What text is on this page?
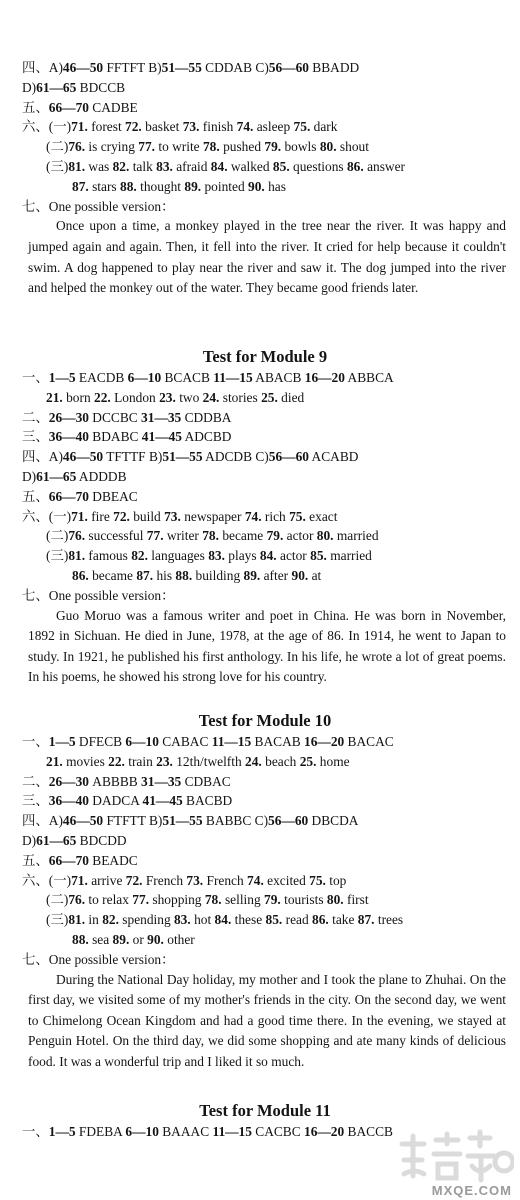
四、A)46—50 FFTFT B)51—55 CDDAB C)56—60 BBADD
D)61—65 BDCCB
五、66—70 CADBE
六、(一)71. forest 72. basket 73. finish 74. asleep 75. dark
(二)76. is crying 77. to write 78. pushed 79. bowls 80. shout
(三)81. was 82. talk 83. afraid 84. walked 85. questions 86. answer
87. stars 88. thought 89. pointed 90. has
七、One possible version：
Once upon a time, a monkey played in the tree near the river. It was happy and jumped again and again. Then, it fell into the river. It cried for help because it couldn't swim. A dog happened to play near the river and saw it. The dog jumped into the river and helped the monkey out of the water. They became good friends later.
Test for Module 9
一、1—5 EACDB 6—10 BCACB 11—15 ABACB 16—20 ABBCA
21. born 22. London 23. two 24. stories 25. died
二、26—30 DCCBC 31—35 CDDBA
三、36—40 BDABC 41—45 ADCBD
四、A)46—50 TFTTF B)51—55 ADCDB C)56—60 ACABD
D)61—65 ADDDB
五、66—70 DBEAC
六、(一)71. fire 72. build 73. newspaper 74. rich 75. exact
(二)76. successful 77. writer 78. became 79. actor 80. married
(三)81. famous 82. languages 83. plays 84. actor 85. married
86. became 87. his 88. building 89. after 90. at
七、One possible version：
Guo Moruo was a famous writer and poet in China. He was born in November, 1892 in Sichuan. He died in June, 1978, at the age of 86. In 1914, he went to Japan to study. In 1921, he published his first anthology. In his life, he wrote a lot of great poems. In his poems, he showed his strong love for his country.
Test for Module 10
一、1—5 DFECB 6—10 CABAC 11—15 BACAB 16—20 BACAC
21. movies 22. train 23. 12th/twelfth 24. beach 25. home
二、26—30 ABBBB 31—35 CDBAC
三、36—40 DADCA 41—45 BACBD
四、A)46—50 FTFTT B)51—55 BABBC C)56—60 DBCDA
D)61—65 BDCDD
五、66—70 BEADC
六、(一)71. arrive 72. French 73. French 74. excited 75. top
(二)76. to relax 77. shopping 78. selling 79. tourists 80. first
(三)81. in 82. spending 83. hot 84. these 85. read 86. take 87. trees
88. sea 89. or 90. other
七、One possible version：
During the National Day holiday, my mother and I took the plane to Zhuhai. On the first day, we visited some of my mother's friends in the city. On the second day, we went to Chimelong Ocean Kingdom and had a good time there. In the evening, we stayed at Penguin Hotel. On the third day, we did some shopping and ate many kinds of delicious food. It was a wonderful trip and I liked it so much.
Test for Module 11
一、1—5 FDEBA 6—10 BAAAC 11—15 CACBC 16—20 BACCB
MXQE.COM
